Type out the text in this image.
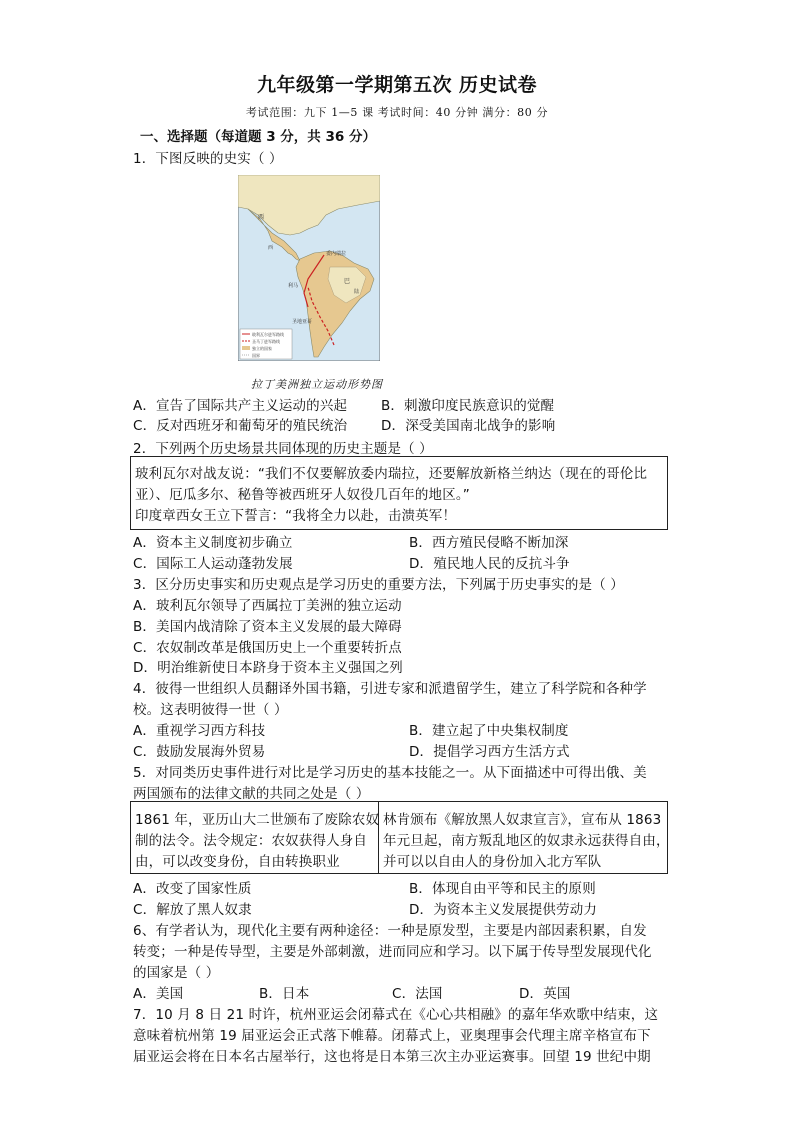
九年级第一学期第五次 历史试卷
考试范围：九下 1—5 课 考试时间：40 分钟 满分：80 分
一、选择题（每道题 3 分，共 36 分）
1．下图反映的史实（ ）
西
西
委内瑞拉
巴
陆
利马
圣地亚哥
玻利瓦尔进军路线
圣马丁进军路线
独立的国家
国界
拉丁美洲独立运动形势图
A．宣告了国际共产主义运动的兴起	B．刺激印度民族意识的觉醒
C．反对西班牙和葡萄牙的殖民统治 D．深受美国南北战争的影响
2．下列两个历史场景共同体现的历史主题是（ ）
玻利瓦尔对战友说：“我们不仅要解放委内瑞拉，还要解放新格兰纳达（现在的哥伦比
亚）、厄瓜多尔、秘鲁等被西班牙人奴役几百年的地区。”
印度章西女王立下誓言：“我将全力以赴，击溃英军！
A．资本主义制度初步确立	B．西方殖民侵略不断加深
C．国际工人运动蓬勃发展	D．殖民地人民的反抗斗争
3．区分历史事实和历史观点是学习历史的重要方法，下列属于历史事实的是（ ）
A．玻利瓦尔领导了西属拉丁美洲的独立运动
B．美国内战清除了资本主义发展的最大障碍
C．农奴制改革是俄国历史上一个重要转折点
D．明治维新使日本跻身于资本主义强国之列
4．彼得一世组织人员翻译外国书籍，引进专家和派遣留学生，建立了科学院和各种学
校。这表明彼得一世（ ）
A．重视学习西方科技	B．建立起了中央集权制度
C．鼓励发展海外贸易	D．提倡学习西方生活方式
5．对同类历史事件进行对比是学习历史的基本技能之一。从下面描述中可得出俄、美
两国颁布的法律文献的共同之处是（ ）
1861 年，亚历山大二世颁布了废除农奴
制的法令。法令规定：农奴获得人身自
由，可以改变身份，自由转换职业
林肯颁布《解放黑人奴隶宣言》，宣布从 1863
年元旦起，南方叛乱地区的奴隶永远获得自由，
并可以以自由人的身份加入北方军队
A．改变了国家性质	B．体现自由平等和民主的原则
C．解放了黑人奴隶	D．为资本主义发展提供劳动力
6、有学者认为，现代化主要有两种途径：一种是原发型，主要是内部因素积累，自发
转变；一种是传导型，主要是外部刺激，进而同应和学习。以下属于传导型发展现代化
的国家是（ ）
A．美国	B．日本	C．法国	D．英国
7．10 月 8 日 21 时许，杭州亚运会闭幕式在《心心共相融》的嘉年华欢歌中结束，这
意味着杭州第 19 届亚运会正式落下帷幕。闭幕式上，亚奥理事会代理主席辛格宣布下
届亚运会将在日本名古屋举行，这也将是日本第三次主办亚运赛事。回望 19 世纪中期
